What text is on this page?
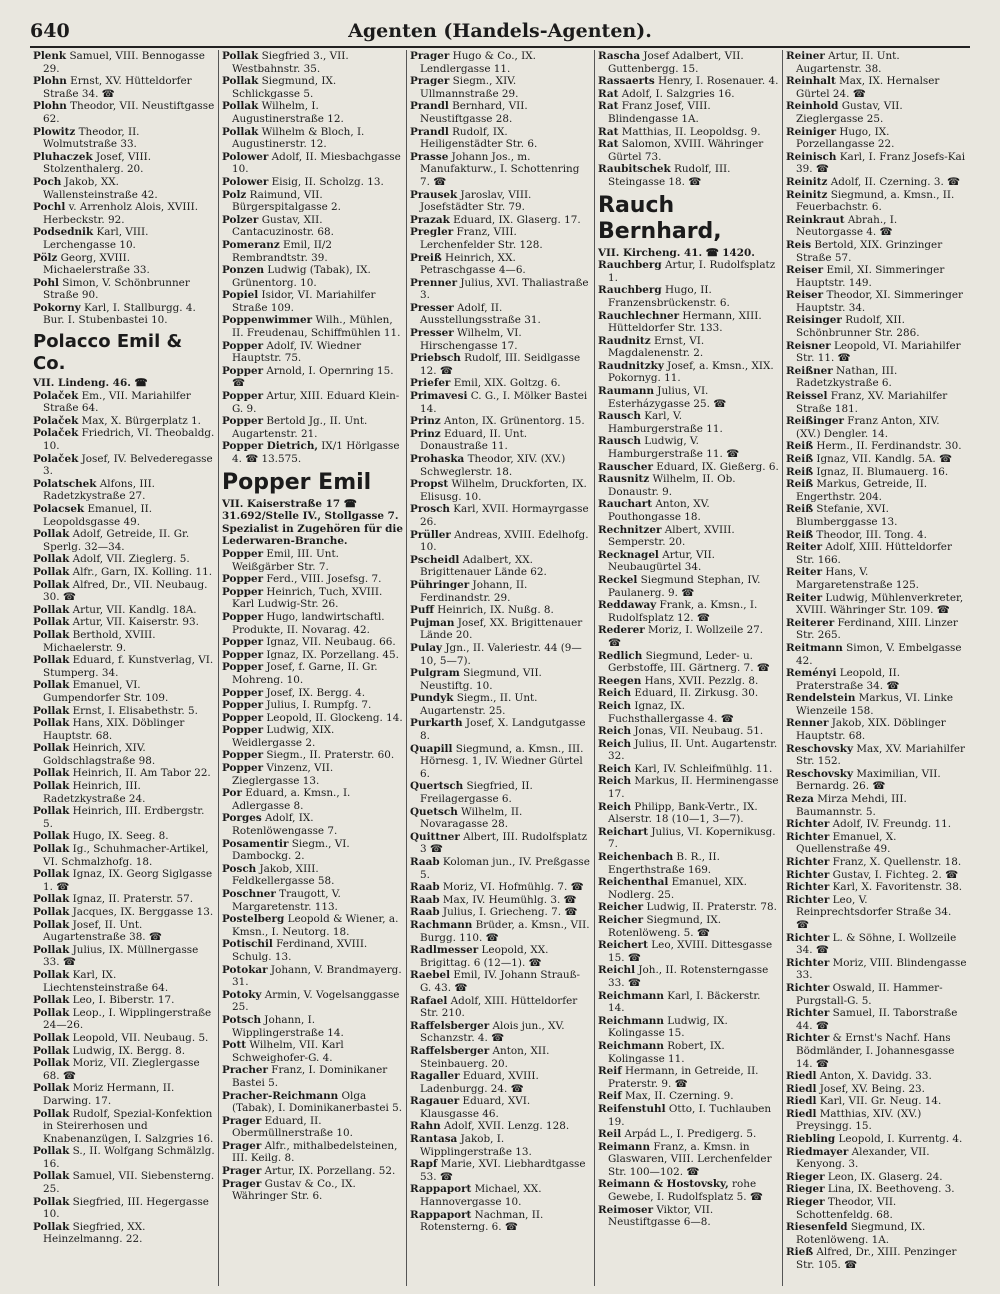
640	Agenten (Handels-Agenten).

Plenk Samuel, VIII. Bennogasse 29.

Plohn Ernst, XV. Hütteldorfer Straße 34. ☎

Plohn Theodor, VII. Neustiftgasse 62.

Plowitz Theodor, II. Wolmutstraße 33.

Pluhaczek Josef, VIII. Stolzenthalerg. 20.

Poch Jakob, XX. Wallensteinstraße 42.

Pochl v. Arrenholz Alois, XVIII. Herbeckstr. 92.

Podsednik Karl, VIII. Lerchengasse 10.

Pölz Georg, XVIII. Michaelerstraße 33.

Pohl Simon, V. Schönbrunner Straße 90.

Pokorny Karl, I. Stallburgg. 4. Bur. I. Stubenbastei 10.

Polacco Emil & Co.

VII. Lindeng. 46. ☎

Polaček Em., VII. Mariahilfer Straße 64.

Polaček Max, X. Bürgerplatz 1.

Polaček Friedrich, VI. Theobaldg. 10.

Polaček Josef, IV. Belvederegasse 3.

Polatschek Alfons, III. Radetzkystraße 27.

Polacsek Emanuel, II. Leopoldsgasse 49.

Pollak Adolf, Getreide, II. Gr. Sperlg. 32—34.

Pollak Adolf, VII. Zieglerg. 5.

Pollak Alfr., Garn, IX. Kolling. 11.

Pollak Alfred, Dr., VII. Neubaug. 30. ☎

Pollak Artur, VII. Kandlg. 18A.

Pollak Artur, VII. Kaiserstr. 93.

Pollak Berthold, XVIII. Michaelerstr. 9.

Pollak Eduard, f. Kunstverlag, VI. Stumperg. 34.

Pollak Emanuel, VI. Gumpendorfer Str. 109.

Pollak Ernst, I. Elisabethstr. 5.

Pollak Hans, XIX. Döblinger Hauptstr. 68.

Pollak Heinrich, XIV. Goldschlagstraße 98.

Pollak Heinrich, II. Am Tabor 22.

Pollak Heinrich, III. Radetzkystraße 24.

Pollak Heinrich, III. Erdbergstr. 5.

Pollak Hugo, IX. Seeg. 8.

Pollak Ig., Schuhmacher-Artikel, VI. Schmalzhofg. 18.

Pollak Ignaz, IX. Georg Siglgasse 1. ☎

Pollak Ignaz, II. Praterstr. 57.

Pollak Jacques, IX. Berggasse 13.

Pollak Josef, II. Unt. Augartenstraße 38. ☎

Pollak Julius, IX. Müllnergasse 33. ☎

Pollak Karl, IX. Liechtensteinstraße 64.

Pollak Leo, I. Biberstr. 17.

Pollak Leop., I. Wipplingerstraße 24—26.

Pollak Leopold, VII. Neubaug. 5.

Pollak Ludwig, IX. Bergg. 8.

Pollak Moriz, VII. Zieglergasse 68. ☎

Pollak Moriz Hermann, II. Darwing. 17.

Pollak Rudolf, Spezial-Konfektion in Steirerhosen und Knabenanzügen, I. Salzgries 16.

Pollak S., II. Wolfgang Schmälzlg. 16.

Pollak Samuel, VII. Siebensterng. 25.

Pollak Siegfried, III. Hegergasse 10.

Pollak Siegfried, XX. Heinzelmanng. 22.

Pollak Siegfried 3., VII. Westbahnstr. 35.

Pollak Siegmund, IX. Schlickgasse 5.

Pollak Wilhelm, I. Augustinerstraße 12.

Pollak Wilhelm & Bloch, I. Augustinerstr. 12.

Polower Adolf, II. Miesbachgasse 10.

Polower Eisig, II. Scholzg. 13.

Polz Raimund, VII. Bürgerspitalgasse 2.

Polzer Gustav, XII. Cantacuzinostr. 68.

Pomeranz Emil, II/2 Rembrandtstr. 39.

Ponzen Ludwig (Tabak), IX. Grünentorg. 10.

Popiel Isidor, VI. Mariahilfer Straße 109.

Poppenwimmer Wilh., Mühlen, II. Freudenau, Schiffmühlen 11.

Popper Adolf, IV. Wiedner Hauptstr. 75.

Popper Arnold, I. Opernring 15. ☎

Popper Artur, XIII. Eduard Klein-G. 9.

Popper Bertold Jg., II. Unt. Augartenstr. 21.

Popper Dietrich, IX/1 Hörlgasse 4. ☎ 13.575.

Popper Emil

VII. Kaiserstraße 17 ☎ 31.692/Stelle IV., Stollgasse 7. Spezialist in Zugehören für die Lederwaren-Branche.

Popper Emil, III. Unt. Weißgärber Str. 7.

Popper Ferd., VIII. Josefsg. 7.

Popper Heinrich, Tuch, XVIII. Karl Ludwig-Str. 26.

Popper Hugo, landwirtschaftl. Produkte, II. Novarag. 42.

Popper Ignaz, VII. Neubaug. 66.

Popper Ignaz, IX. Porzellang. 45.

Popper Josef, f. Garne, II. Gr. Mohreng. 10.

Popper Josef, IX. Bergg. 4.

Popper Julius, I. Rumpfg. 7.

Popper Leopold, II. Glockeng. 14.

Popper Ludwig, XIX. Weidlergasse 2.

Popper Siegm., II. Praterstr. 60.

Popper Vinzenz, VII. Zieglergasse 13.

Por Eduard, a. Kmsn., I. Adlergasse 8.

Porges Adolf, IX. Rotenlöwengasse 7.

Posamentir Siegm., VI. Dambockg. 2.

Posch Jakob, XIII. Feldkellergasse 58.

Poschner Traugott, V. Margaretenstr. 113.

Postelberg Leopold & Wiener, a. Kmsn., I. Neutorg. 18.

Potischil Ferdinand, XVIII. Schulg. 13.

Potokar Johann, V. Brandmayerg. 31.

Potoky Armin, V. Vogelsanggasse 25.

Potsch Johann, I. Wipplingerstraße 14.

Pott Wilhelm, VII. Karl Schweighofer-G. 4.

Pracher Franz, I. Dominikaner Bastei 5.

Pracher-Reichmann Olga (Tabak), I. Dominikanerbastei 5.

Prager Eduard, II. Obermüllnerstraße 10.

Prager Alfr., mithalbedelsteinen, III. Keilg. 8.

Prager Artur, IX. Porzellang. 52.

Prager Gustav & Co., IX. Währinger Str. 6.

Prager Hugo & Co., IX. Lendlergasse 11.

Prager Siegm., XIV. Ullmannstraße 29.

Prandl Bernhard, VII. Neustiftgasse 28.

Prandl Rudolf, IX. Heiligenstädter Str. 6.

Prasse Johann Jos., m. Manufakturw., I. Schottenring 7. ☎

Prausek Jaroslav, VIII. Josefstädter Str. 79.

Prazak Eduard, IX. Glaserg. 17.

Pregler Franz, VIII. Lerchenfelder Str. 128.

Preiß Heinrich, XX. Petraschgasse 4—6.

Prenner Julius, XVI. Thaliastraße 3.

Presser Adolf, II. Ausstellungsstraße 31.

Presser Wilhelm, VI. Hirschengasse 17.

Priebsch Rudolf, III. Seidlgasse 12. ☎

Priefer Emil, XIX. Goltzg. 6.

Primavesi C. G., I. Mölker Bastei 14.

Prinz Anton, IX. Grünentorg. 15.

Prinz Eduard, II. Unt. Donaustraße 11.

Prohaska Theodor, XIV. (XV.) Schweglerstr. 18.

Propst Wilhelm, Druckforten, IX. Elisusg. 10.

Prosch Karl, XVII. Hormayrgasse 26.

Prüller Andreas, XVIII. Edelhofg. 10.

Pscheidl Adalbert, XX. Brigittenauer Lände 62.

Pühringer Johann, II. Ferdinandstr. 29.

Puff Heinrich, IX. Nußg. 8.

Pujman Josef, XX. Brigittenauer Lände 20.

Pulay Jgn., II. Valeriestr. 44 (9—10, 5—7).

Pulgram Siegmund, VII. Neustiftg. 10.

Pundyk Siegm., II. Unt. Augartenstr. 25.

Purkarth Josef, X. Landgutgasse 8.

Quapill Siegmund, a. Kmsn., III. Hörnesg. 1, IV. Wiedner Gürtel 6.

Quertsch Siegfried, II. Freilagergasse 6.

Quetsch Wilhelm, II. Novaragasse 28.

Quittner Albert, III. Rudolfsplatz 3 ☎

Raab Koloman jun., IV. Preßgasse 5.

Raab Moriz, VI. Hofmühlg. 7. ☎

Raab Max, IV. Heumühlg. 3. ☎

Raab Julius, I. Griecheng. 7. ☎

Rachmann Brüder, a. Kmsn., VII. Burgg. 110. ☎

Radlmesser Leopold, XX. Brigittag. 6 (12—1). ☎

Raebel Emil, IV. Johann Strauß-G. 43. ☎

Rafael Adolf, XIII. Hütteldorfer Str. 210.

Raffelsberger Alois jun., XV. Schanzstr. 4. ☎

Raffelsberger Anton, XII. Steinbauerg. 20.

Ragaller Eduard, XVIII. Ladenburgg. 24. ☎

Ragauer Eduard, XVI. Klausgasse 46.

Rahn Adolf, XVII. Lenzg. 128.

Rantasa Jakob, I. Wipplingerstraße 13.

Rapf Marie, XVI. Liebhardtgasse 53. ☎

Rappaport Michael, XX. Hannovergasse 10.

Rappaport Nachman, II. Rotensterng. 6. ☎

Rascha Josef Adalbert, VII. Guttenbergg. 15.

Rassaerts Henry, I. Rosenauer. 4.

Rat Adolf, I. Salzgries 16.

Rat Franz Josef, VIII. Blindengasse 1A.

Rat Matthias, II. Leopoldsg. 9.

Rat Salomon, XVIII. Währinger Gürtel 73.

Raubitschek Rudolf, III. Steingasse 18. ☎

Rauch Bernhard,

VII. Kircheng. 41. ☎ 1420.

Rauchberg Artur, I. Rudolfsplatz 1.

Rauchberg Hugo, II. Franzensbrückenstr. 6.

Rauchlechner Hermann, XIII. Hütteldorfer Str. 133.

Raudnitz Ernst, VI. Magdalenenstr. 2.

Raudnitzky Josef, a. Kmsn., XIX. Pokornyg. 11.

Raumann Julius, VI. Esterházygasse 25. ☎

Rausch Karl, V. Hamburgerstraße 11.

Rausch Ludwig, V. Hamburgerstraße 11. ☎

Rauscher Eduard, IX. Gießerg. 6.

Rausnitz Wilhelm, II. Ob. Donaustr. 9.

Rauchart Anton, XV. Pouthongasse 18.

Rechnitzer Albert, XVIII. Semperstr. 20.

Recknagel Artur, VII. Neubaugürtel 34.

Reckel Siegmund Stephan, IV. Paulanerg. 9. ☎

Reddaway Frank, a. Kmsn., I. Rudolfsplatz 12. ☎

Rederer Moriz, I. Wollzeile 27. ☎

Redlich Siegmund, Leder- u. Gerbstoffe, III. Gärtnerg. 7. ☎

Reegen Hans, XVII. Pezzlg. 8.

Reich Eduard, II. Zirkusg. 30.

Reich Ignaz, IX. Fuchsthallergasse 4. ☎

Reich Jonas, VII. Neubaug. 51.

Reich Julius, II. Unt. Augartenstr. 32.

Reich Karl, IV. Schleifmühlg. 11.

Reich Markus, II. Herminengasse 17.

Reich Philipp, Bank-Vertr., IX. Alserstr. 18 (10—1, 3—7).

Reichart Julius, VI. Kopernikusg. 7.

Reichenbach B. R., II. Engerthstraße 169.

Reichenthal Emanuel, XIX. Nodlerg. 25.

Reicher Ludwig, II. Praterstr. 78.

Reicher Siegmund, IX. Rotenlöweng. 5. ☎

Reichert Leo, XVIII. Dittesgasse 15. ☎

Reichl Joh., II. Rotensterngasse 33. ☎

Reichmann Karl, I. Bäckerstr. 14.

Reichmann Ludwig, IX. Kolingasse 15.

Reichmann Robert, IX. Kolingasse 11.

Reif Hermann, in Getreide, II. Praterstr. 9. ☎

Reif Max, II. Czerning. 9.

Reifenstuhl Otto, I. Tuchlauben 19.

Reil Arpád L., I. Predigerg. 5.

Reimann Franz, a. Kmsn. in Glaswaren, VIII. Lerchenfelder Str. 100—102. ☎

Reimann & Hostovsky, rohe Gewebe, I. Rudolfsplatz 5. ☎

Reimoser Viktor, VII. Neustiftgasse 6—8.

Reiner Artur, II. Unt. Augartenstr. 38.

Reinhalt Max, IX. Hernalser Gürtel 24. ☎

Reinhold Gustav, VII. Zieglergasse 25.

Reiniger Hugo, IX. Porzellangasse 22.

Reinisch Karl, I. Franz Josefs-Kai 39. ☎

Reinitz Adolf, II. Czerning. 3. ☎

Reinitz Siegmund, a. Kmsn., II. Feuerbachstr. 6.

Reinkraut Abrah., I. Neutorgasse 4. ☎

Reis Bertold, XIX. Grinzinger Straße 57.

Reiser Emil, XI. Simmeringer Hauptstr. 149.

Reiser Theodor, XI. Simmeringer Hauptstr. 34.

Reisinger Rudolf, XII. Schönbrunner Str. 286.

Reisner Leopold, VI. Mariahilfer Str. 11. ☎

Reißner Nathan, III. Radetzkystraße 6.

Reissel Franz, XV. Mariahilfer Straße 181.

Reißinger Franz Anton, XIV. (XV.) Dengler. 14.

Reiß Herm., II. Ferdinandstr. 30.

Reiß Ignaz, VII. Kandlg. 5A. ☎

Reiß Ignaz, II. Blumauerg. 16.

Reiß Markus, Getreide, II. Engerthstr. 204.

Reiß Stefanie, XVI. Blumberggasse 13.

Reiß Theodor, III. Tong. 4.

Reiter Adolf, XIII. Hütteldorfer Str. 166.

Reiter Hans, V. Margaretenstraße 125.

Reiter Ludwig, Mühlenverkreter, XVIII. Währinger Str. 109. ☎

Reiterer Ferdinand, XIII. Linzer Str. 265.

Reitmann Simon, V. Embelgasse 42.

Reményi Leopold, II. Praterstraße 34. ☎

Rendelstein Markus, VI. Linke Wienzeile 158.

Renner Jakob, XIX. Döblinger Hauptstr. 68.

Reschovsky Max, XV. Mariahilfer Str. 152.

Reschovsky Maximilian, VII. Bernardg. 26. ☎

Reza Mirza Mehdi, III. Baumannstr. 5.

Richter Adolf, IV. Freundg. 11.

Richter Emanuel, X. Quellenstraße 49.

Richter Franz, X. Quellenstr. 18.

Richter Gustav, I. Fichteg. 2. ☎

Richter Karl, X. Favoritenstr. 38.

Richter Leo, V. Reinprechtsdorfer Straße 34. ☎

Richter L. & Söhne, I. Wollzeile 34. ☎

Richter Moriz, VIII. Blindengasse 33.

Richter Oswald, II. Hammer-Purgstall-G. 5.

Richter Samuel, II. Taborstraße 44. ☎

Richter & Ernst's Nachf. Hans Bödmländer, I. Johannesgasse 14. ☎

Riedl Anton, X. Davidg. 33.

Riedl Josef, XV. Being. 23.

Riedl Karl, VII. Gr. Neug. 14.

Riedl Matthias, XIV. (XV.) Preysingg. 15.

Riebling Leopold, I. Kurrentg. 4.

Riedmayer Alexander, VII. Kenyong. 3.

Rieger Leon, IX. Glaserg. 24.

Rieger Lina, IX. Beethoveng. 3.

Rieger Theodor, VII. Schottenfeldg. 68.

Riesenfeld Siegmund, IX. Rotenlöweng. 1A.

Rieß Alfred, Dr., XIII. Penzinger Str. 105. ☎
